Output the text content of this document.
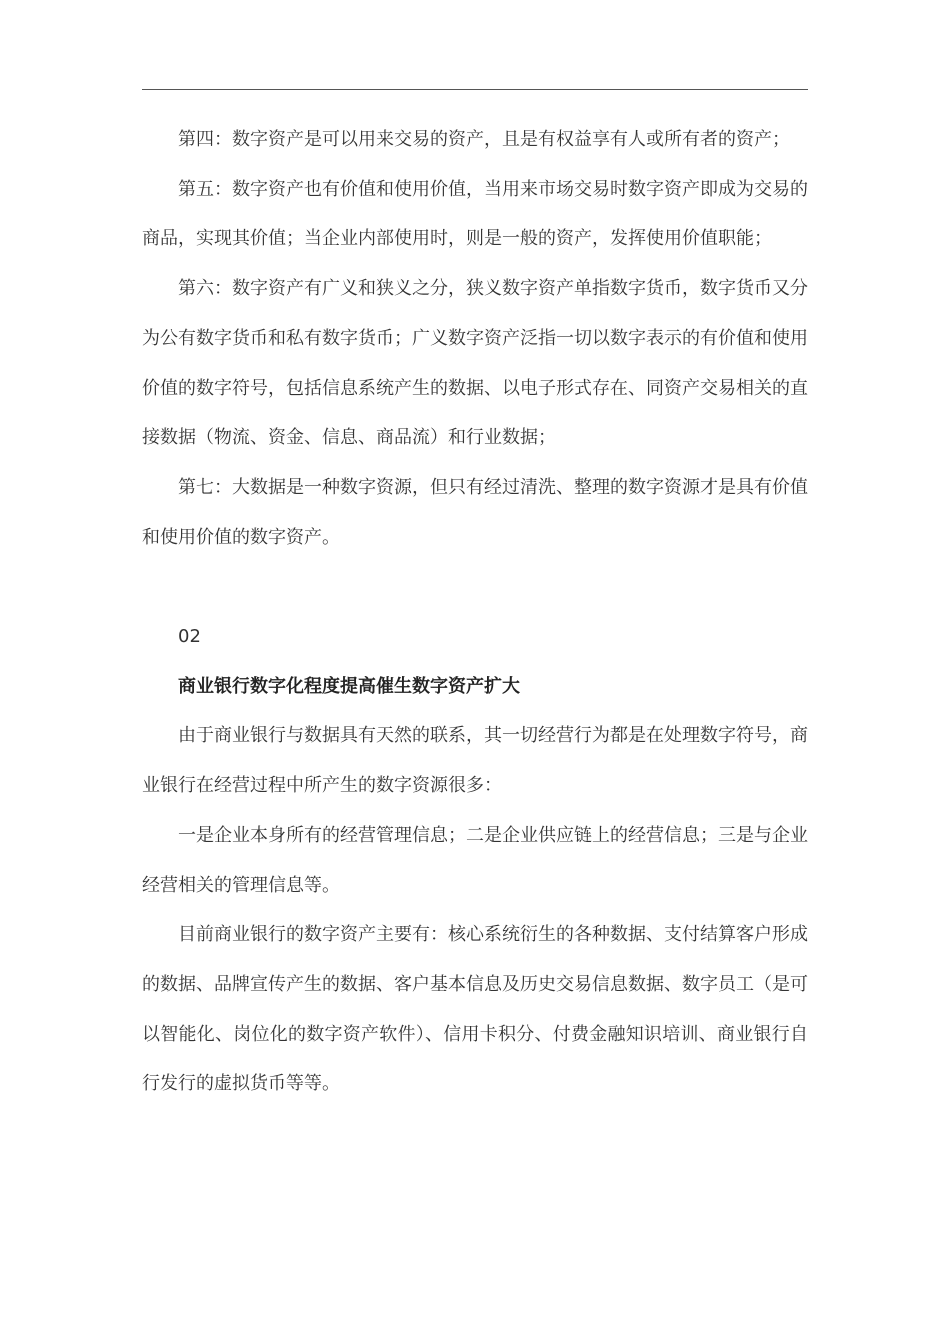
第四：数字资产是可以用来交易的资产，且是有权益享有人或所有者的资产；

第五：数字资产也有价值和使用价值，当用来市场交易时数字资产即成为交易的商品，实现其价值；当企业内部使用时，则是一般的资产，发挥使用价值职能；

第六：数字资产有广义和狭义之分，狭义数字资产单指数字货币，数字货币又分为公有数字货币和私有数字货币；广义数字资产泛指一切以数字表示的有价值和使用价值的数字符号，包括信息系统产生的数据、以电子形式存在、同资产交易相关的直接数据（物流、资金、信息、商品流）和行业数据；

第七：大数据是一种数字资源，但只有经过清洗、整理的数字资源才是具有价值和使用价值的数字资产。

02

商业银行数字化程度提高催生数字资产扩大

由于商业银行与数据具有天然的联系，其一切经营行为都是在处理数字符号，商业银行在经营过程中所产生的数字资源很多：

一是企业本身所有的经营管理信息；二是企业供应链上的经营信息；三是与企业经营相关的管理信息等。

目前商业银行的数字资产主要有：核心系统衍生的各种数据、支付结算客户形成的数据、品牌宣传产生的数据、客户基本信息及历史交易信息数据、数字员工（是可以智能化、岗位化的数字资产软件）、信用卡积分、付费金融知识培训、商业银行自行发行的虚拟货币等等。
